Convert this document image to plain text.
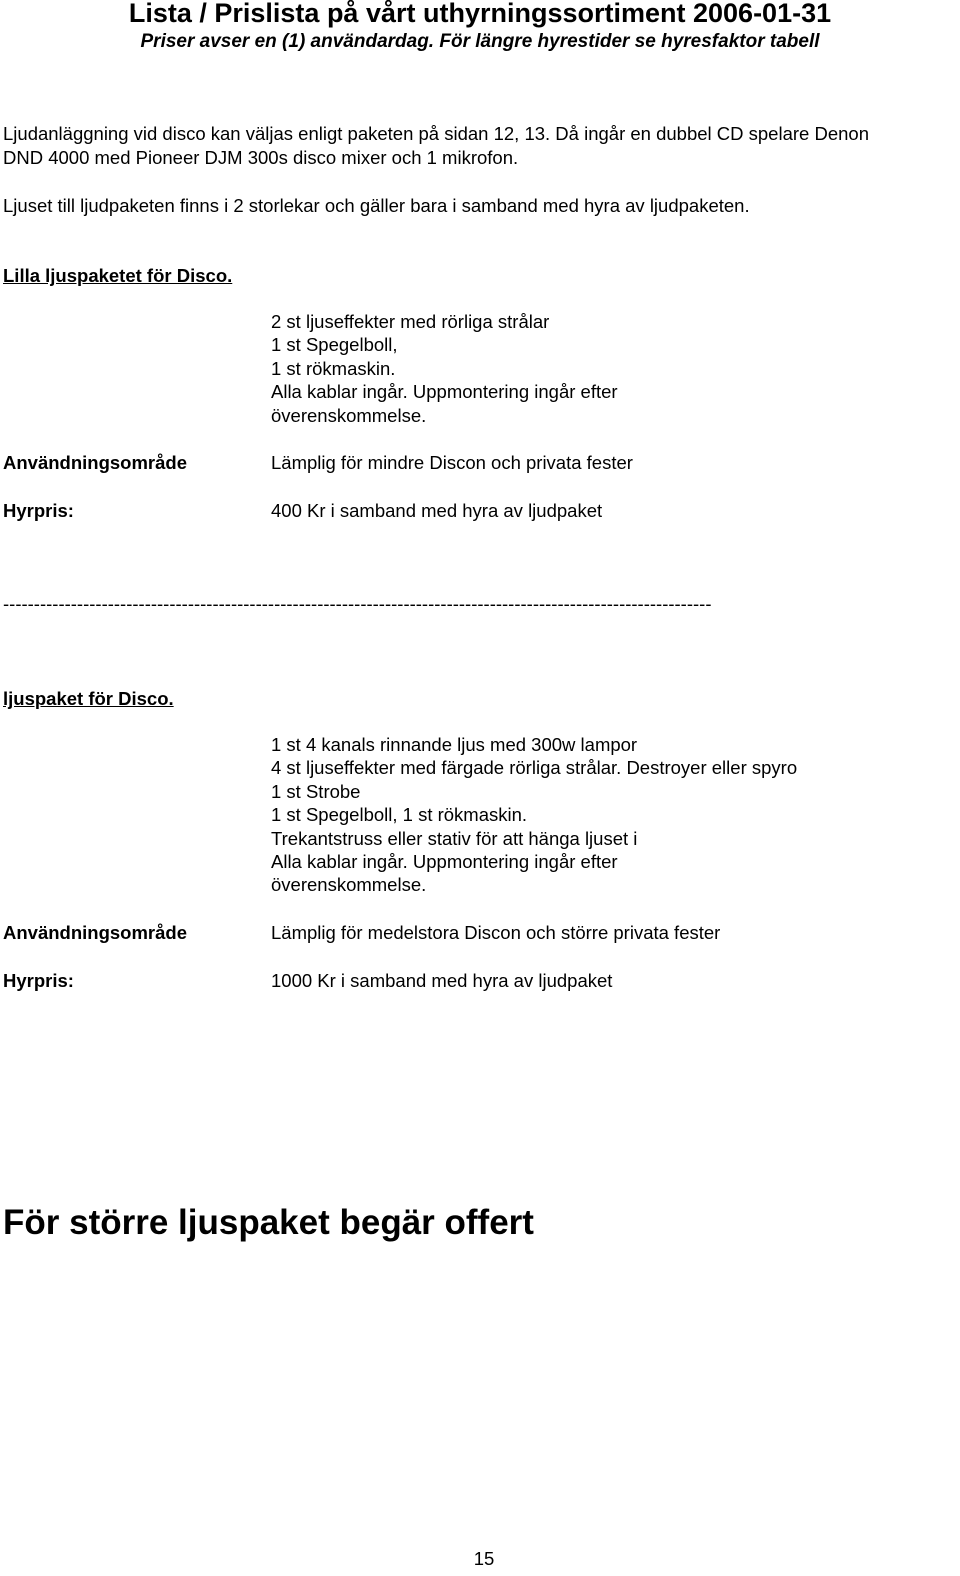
Lista / Prislista på vårt uthyrningssortiment 2006-01-31
Priser avser en (1) användardag. För längre hyrestider se hyresfaktor tabell
Ljudanläggning vid disco kan väljas enligt paketen på sidan 12, 13. Då ingår en dubbel CD spelare Denon
DND 4000 med Pioneer DJM 300s disco mixer och 1 mikrofon.
Ljuset till ljudpaketen finns i 2 storlekar och gäller bara i samband med hyra av ljudpaketen.
Lilla ljuspaketet för Disco.
2 st ljuseffekter med rörliga strålar
1 st Spegelboll,
1 st rökmaskin.
Alla kablar ingår. Uppmontering ingår efter
överenskommelse.
Användningsområde	Lämplig för mindre Discon och privata fester
Hyrpris:	400 Kr i samband med hyra av ljudpaket
-------------------------------------------------------------------------------------------------------------------
ljuspaket för Disco.
1 st 4 kanals rinnande ljus med 300w lampor
4 st ljuseffekter med färgade rörliga strålar. Destroyer eller spyro
1 st Strobe
1 st Spegelboll, 1 st rökmaskin.
Trekantstruss eller stativ för att hänga ljuset i
Alla kablar ingår. Uppmontering ingår efter
överenskommelse.
Användningsområde	Lämplig för medelstora Discon och större privata fester
Hyrpris:	1000 Kr i samband med hyra av ljudpaket
För större ljuspaket begär offert
15
